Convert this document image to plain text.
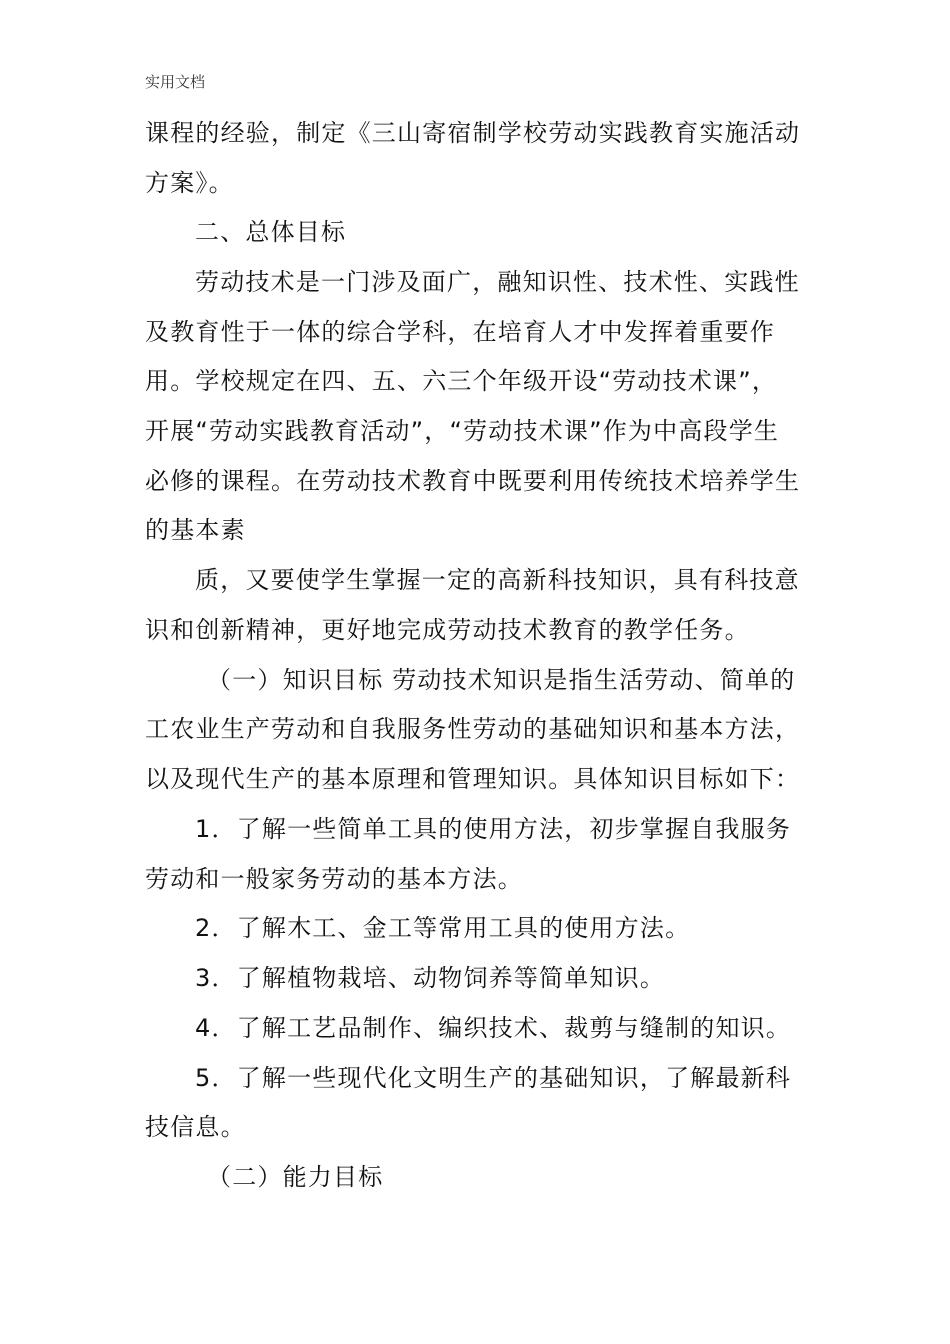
实用文档
课程的经验，制定《三山寄宿制学校劳动实践教育实施活动
方案》。
二、总体目标
劳动技术是一门涉及面广，融知识性、技术性、实践性
及教育性于一体的综合学科，在培育人才中发挥着重要作
用。学校规定在四、五、六三个年级开设“劳动技术课”，
开展“劳动实践教育活动”，“劳动技术课”作为中高段学生
必修的课程。在劳动技术教育中既要利用传统技术培养学生
的基本素
质，又要使学生掌握一定的高新科技知识，具有科技意
识和创新精神，更好地完成劳动技术教育的教学任务。
（一）知识目标 劳动技术知识是指生活劳动、简单的
工农业生产劳动和自我服务性劳动的基础知识和基本方法，
以及现代生产的基本原理和管理知识。具体知识目标如下：
1．了解一些简单工具的使用方法，初步掌握自我服务
劳动和一般家务劳动的基本方法。
2．了解木工、金工等常用工具的使用方法。
3．了解植物栽培、动物饲养等简单知识。
4．了解工艺品制作、编织技术、裁剪与缝制的知识。
5．了解一些现代化文明生产的基础知识，了解最新科
技信息。
（二）能力目标
